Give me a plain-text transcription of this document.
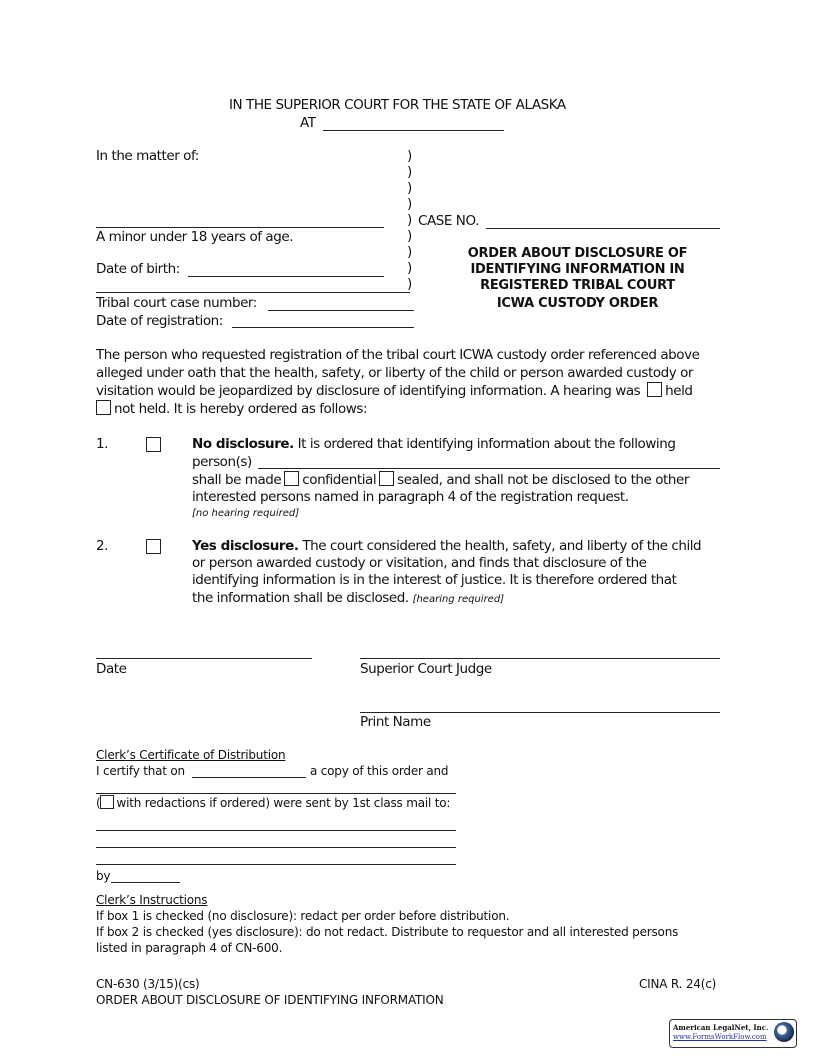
IN THE SUPERIOR COURT FOR THE STATE OF ALASKA
AT
In the matter of:
A minor under 18 years of age.
Date of birth:
Tribal court case number:
Date of registration:
)
)
)
)
)
)
)
)
)
CASE NO.
ORDER ABOUT DISCLOSURE OF
IDENTIFYING INFORMATION IN
REGISTERED TRIBAL COURT
ICWA CUSTODY ORDER
The person who requested registration of the tribal court ICWA custody order referenced above
alleged under oath that the health, safety, or liberty of the child or person awarded custody or
visitation would be jeopardized by disclosure of identifying information. A hearing was held
not held. It is hereby ordered as follows:
1.	No disclosure. It is ordered that identifying information about the following
person(s)
shall be made confidential sealed, and shall not be disclosed to the other
interested persons named in paragraph 4 of the registration request.
[no hearing required]
2.	Yes disclosure. The court considered the health, safety, and liberty of the child
or person awarded custody or visitation, and finds that disclosure of the
identifying information is in the interest of justice. It is therefore ordered that
the information shall be disclosed. [hearing required]
Date	Superior Court Judge
Print Name
Clerk’s Certificate of Distribution
I certify that on	a copy of this order and
( with redactions if ordered) were sent by 1st class mail to:
by
Clerk’s Instructions
If box 1 is checked (no disclosure): redact per order before distribution.
If box 2 is checked (yes disclosure): do not redact. Distribute to requestor and all interested persons
listed in paragraph 4 of CN-600.
CN-630 (3/15)(cs)
ORDER ABOUT DISCLOSURE OF IDENTIFYING INFORMATION
CINA R. 24(c)
American LegalNet, Inc.
www.FormsWorkFlow.com
